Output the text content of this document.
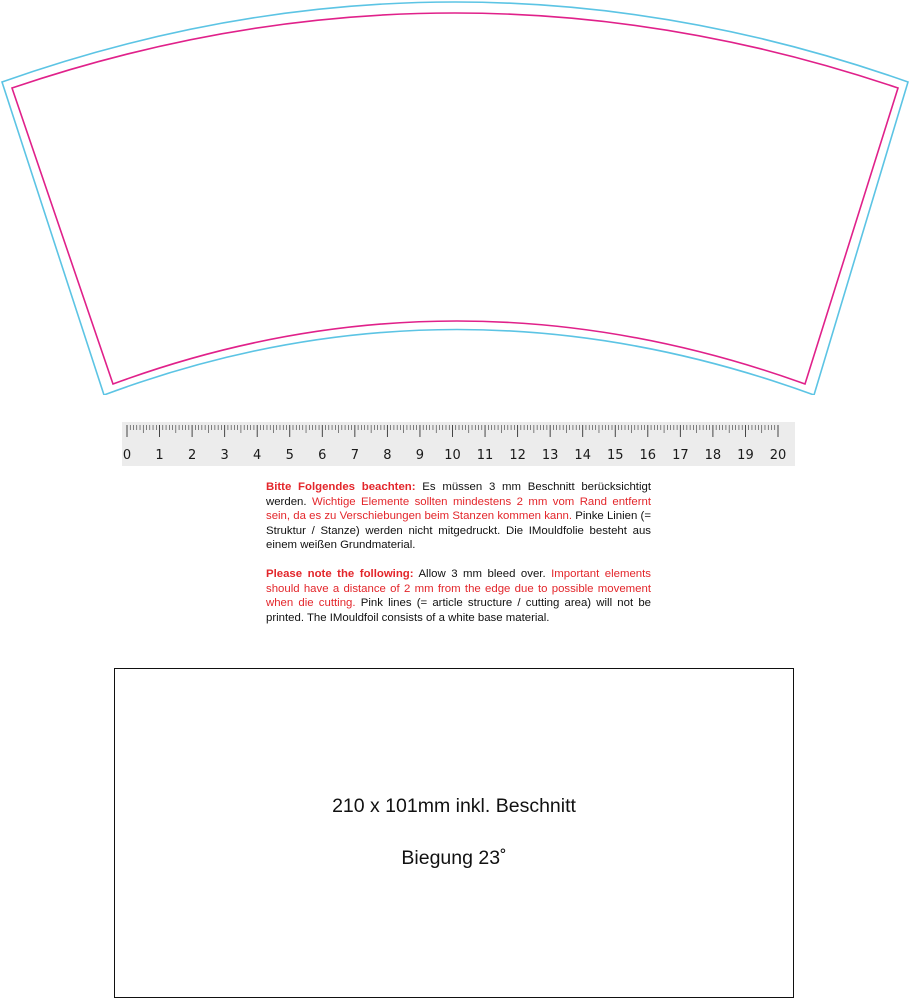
0 1 2 3 4 5 6 7 8 9 10 11 12 13 14 15 16 17 18 19 20

Bitte Folgendes beachten: Es müssen 3 mm Beschnitt berücksichtigt werden. Wichtige Elemente sollten mindestens 2 mm vom Rand entfernt sein, da es zu Verschiebungen beim Stanzen kommen kann. Pinke Linien (= Struktur / Stanze) werden nicht mitgedruckt. Die IMouldfolie besteht aus einem weißen Grundmaterial.

Please note the following: Allow 3 mm bleed over. Important elements should have a distance of 2 mm from the edge due to possible movement when die cutting. Pink lines (= article structure / cutting area) will not be printed. The IMouldfoil consists of a white base material.

210 x 101mm inkl. Beschnitt
Biegung 23˚
